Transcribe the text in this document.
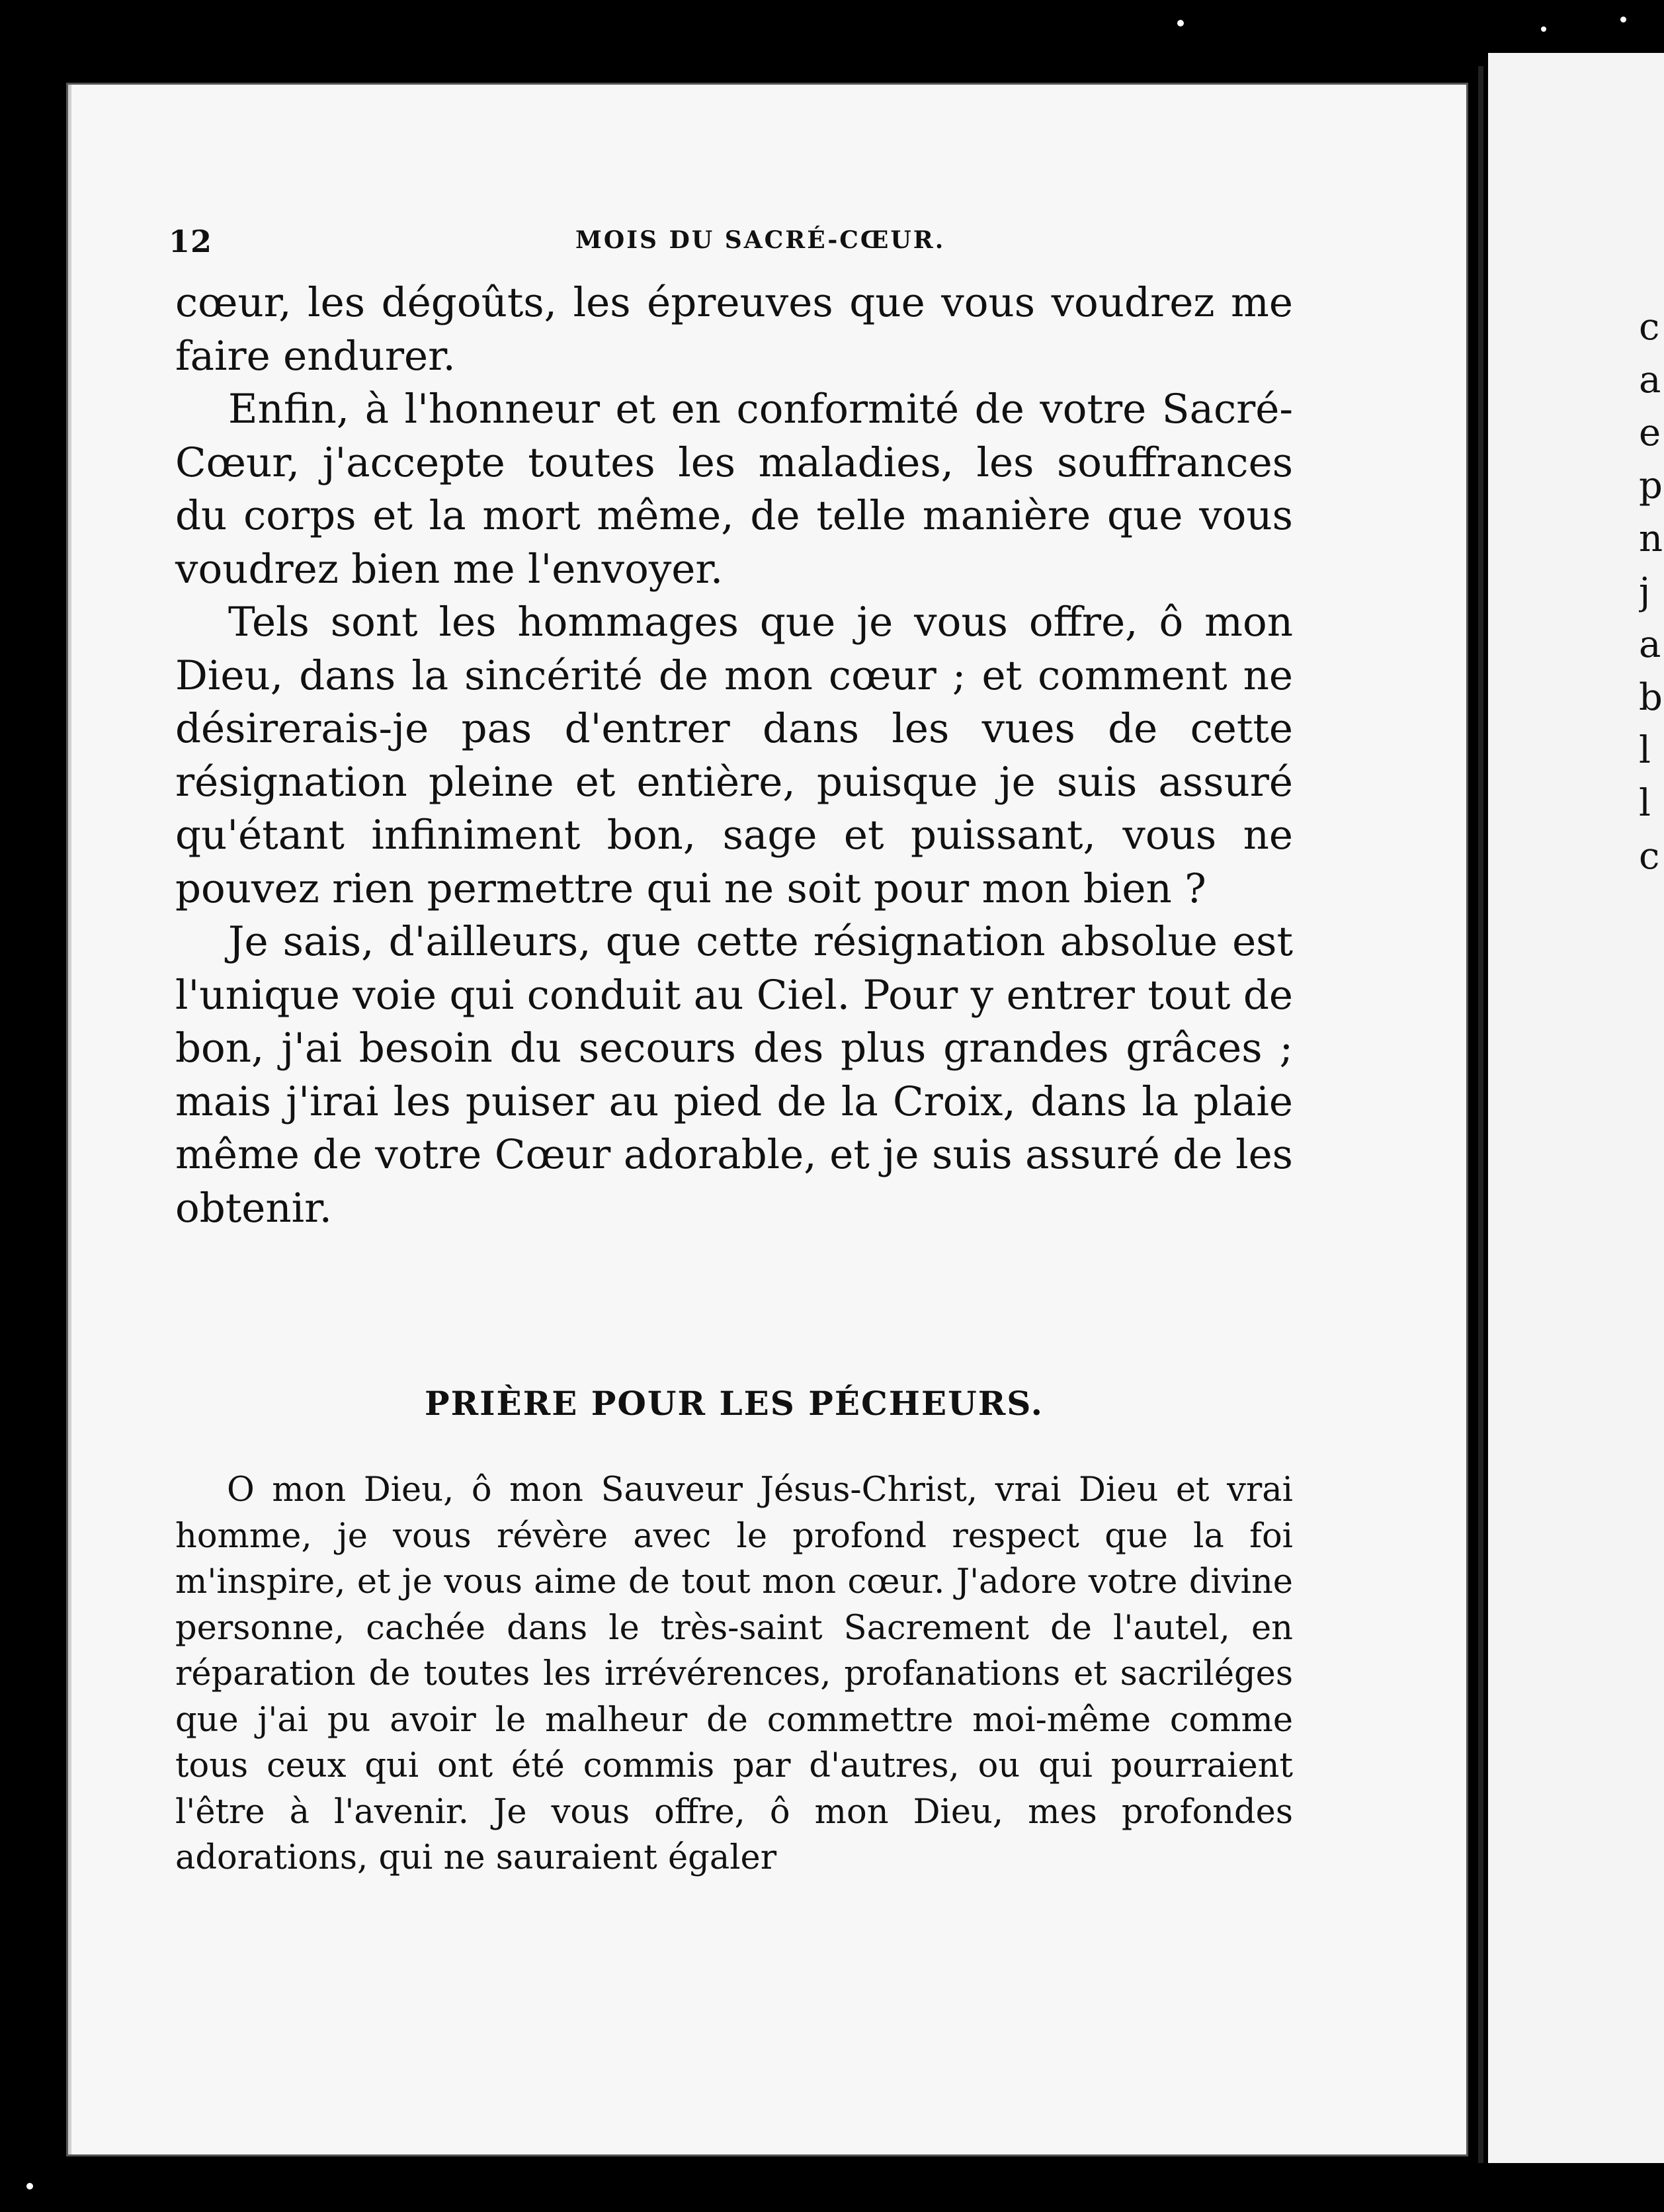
12	MOIS DU SACRÉ-CŒUR.

cœur, les dégoûts, les épreuves que vous voudrez me faire endurer.

Enfin, à l'honneur et en conformité de votre Sacré-Cœur, j'accepte toutes les maladies, les souffrances du corps et la mort même, de telle manière que vous voudrez bien me l'envoyer.

Tels sont les hommages que je vous offre, ô mon Dieu, dans la sincérité de mon cœur ; et comment ne désirerais-je pas d'entrer dans les vues de cette résignation pleine et entière, puisque je suis assuré qu'étant infiniment bon, sage et puissant, vous ne pouvez rien permettre qui ne soit pour mon bien ?

Je sais, d'ailleurs, que cette résignation absolue est l'unique voie qui conduit au Ciel. Pour y entrer tout de bon, j'ai besoin du secours des plus grandes grâces ; mais j'irai les puiser au pied de la Croix, dans la plaie même de votre Cœur adorable, et je suis assuré de les obtenir.

PRIÈRE POUR LES PÉCHEURS.

O mon Dieu, ô mon Sauveur Jésus-Christ, vrai Dieu et vrai homme, je vous révère avec le profond respect que la foi m'inspire, et je vous aime de tout mon cœur. J'adore votre divine personne, cachée dans le très-saint Sacrement de l'autel, en réparation de toutes les irrévérences, profanations et sacriléges que j'ai pu avoir le malheur de commettre moi-même comme tous ceux qui ont été commis par d'autres, ou qui pourraient l'être à l'avenir. Je vous offre, ô mon Dieu, mes profondes adorations, qui ne sauraient égaler

c
a
e
p
n
j
a
b
l
l
c
